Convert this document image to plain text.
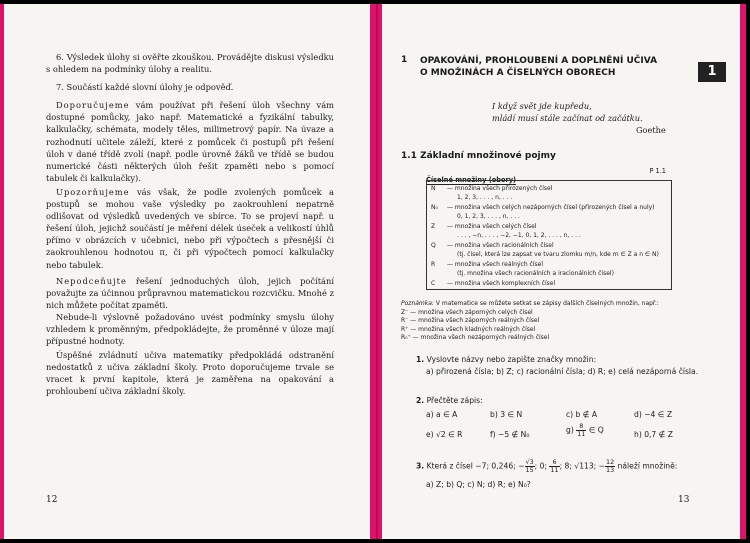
6. Výsledek úlohy si ověřte zkouškou. Provádějte diskusi výsledku s ohledem na podmínky úlohy a realitu.

7. Součástí každé slovní úlohy je odpověď.

Doporučujeme vám používat při řešení úloh všechny vám dostupné pomůcky, jako např. Matematické a fyzikální tabulky, kalkulačky, schémata, modely těles, milimetrový papír. Na úvaze a rozhodnutí učitele záleží, které z pomůcek či postupů při řešení úloh v dané třídě zvolí (např. podle úrovně žáků ve třídě se budou numerické části některých úloh řešit zpaměti nebo s pomocí tabulek či kalkulačky).

Upozorňujeme vás však, že podle zvolených pomůcek a postupů se mohou vaše výsledky po zaokrouhlení nepatrně odlišovat od výsledků uvedených ve sbírce. To se projeví např. u řešení úloh, jejichž součástí je měření délek úseček a velikostí úhlů přímo v obrázcích v učebnici, nebo při výpočtech s přesnější či zaokrouhlenou hodnotou π, či při výpočtech pomocí kalkulačky nebo tabulek.

Nepodceňujte řešení jednoduchých úloh, jejich počítání považujte za účinnou průpravnou matematickou rozcvičku. Mnohé z nich můžete počítat zpaměti.

Nebude-li výslovně požadováno uvést podmínky smyslu úlohy vzhledem k proměnným, předpokládejte, že proměnné v úloze mají přípustné hodnoty.

Úspěšné zvládnutí učiva matematiky předpokládá odstranění nedostatků z učiva základní školy. Proto doporučujeme trvale se vracet k první kapitole, která je zaměřena na opakování a prohloubení učiva základní školy.

12
1 OPAKOVÁNÍ, PROHLOUBENÍ A DOPLNĚNÍ UČIVA
O MNOŽINÁCH A ČÍSELNÝCH OBORECH	1
I když svět jde kupředu,
mládí musí stále začínat od začátku.
Goethe
1.1 Základní množinové pojmy
Číselné množiny (obory)
P 1.1
N — množina všech přirozených čísel
1, 2, 3, . . . , n, . . .
N₀ — množina všech celých nezáporných čísel (přirozených čísel a nuly)
0, 1, 2, 3, . . . , n, . . .
Z — množina všech celých čísel
. . . , −n, . . . , −2, −1, 0, 1, 2, . . . , n, . . .
Q — množina všech racionálních čísel
(tj. čísel, která lze zapsat ve tvaru zlomku m/n, kde m ∈ Z a n ∈ N)
R — množina všech reálných čísel
(tj. množina všech racionálních a iracionálních čísel)
C — množina všech komplexních čísel
Poznámka: V matematice se můžete setkat se zápisy dalších číselných množin, např.:
Z⁻ — množina všech záporných celých čísel
R⁻ — množina všech záporných reálných čísel
R⁺ — množina všech kladných reálných čísel
R₀⁺ — množina všech nezáporných reálných čísel
1. Vyslovte názvy nebo zapište značky množin:
a) přirozená čísla; b) Z; c) racionální čísla; d) R; e) celá nezáporná čísla.
2. Přečtěte zápis:
a) a ∈ A	b) 3 ∈ N	c) b ∉ A	d) −4 ∈ Z
e) √2 ∈ R	f) −5 ∉ N₀	$g) \frac{8}{11}$ ∈ Q	h) 0,7 ∉ Z
3. Která z čísel −7; 0,246; − $\frac{√3}{15}$ ; 0; $\frac{6}{11}$ ; 8; √113; − $\frac{12}{13}$ náleží množině:
a) Z; b) Q; c) N; d) R; e) N₀?
13
